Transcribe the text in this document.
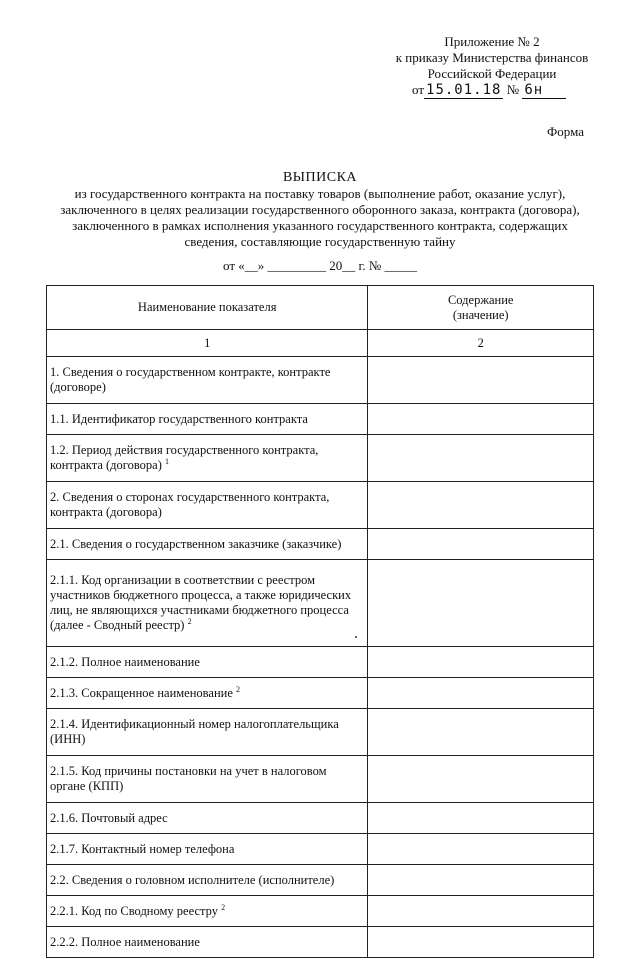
Приложение № 2
к приказу Министерства финансов
Российской Федерации
от 15.01.18 № 6н
Форма
ВЫПИСКА
из государственного контракта на поставку товаров (выполнение работ, оказание услуг), заключенного в целях реализации государственного оборонного заказа, контракта (договора), заключенного в рамках исполнения указанного государственного контракта, содержащих сведения, составляющие государственную тайну
от «__» _________ 20__ г. № _____
Наименование показателя	Содержание (значение)
1	2
1. Сведения о государственном контракте, контракте (договоре)	
1.1. Идентификатор государственного контракта	
1.2. Период действия государственного контракта, контракта (договора) $^1$	
2. Сведения о сторонах государственного контракта, контракта (договора)	
2.1. Сведения о государственном заказчике (заказчике)	
2.1.1. Код организации в соответствии с реестром участников бюджетного процесса, а также юридических лиц, не являющихся участниками бюджетного процесса (далее - Сводный реестр) $^2$	
2.1.2. Полное наименование	
2.1.3. Сокращенное наименование $^2$	
2.1.4. Идентификационный номер налогоплательщика (ИНН)	
2.1.5. Код причины постановки на учет в налоговом органе (КПП)	
2.1.6. Почтовый адрес	
2.1.7. Контактный номер телефона	
2.2. Сведения о головном исполнителе (исполнителе)	
2.2.1. Код по Сводному реестру $^2$	
2.2.2. Полное наименование	
